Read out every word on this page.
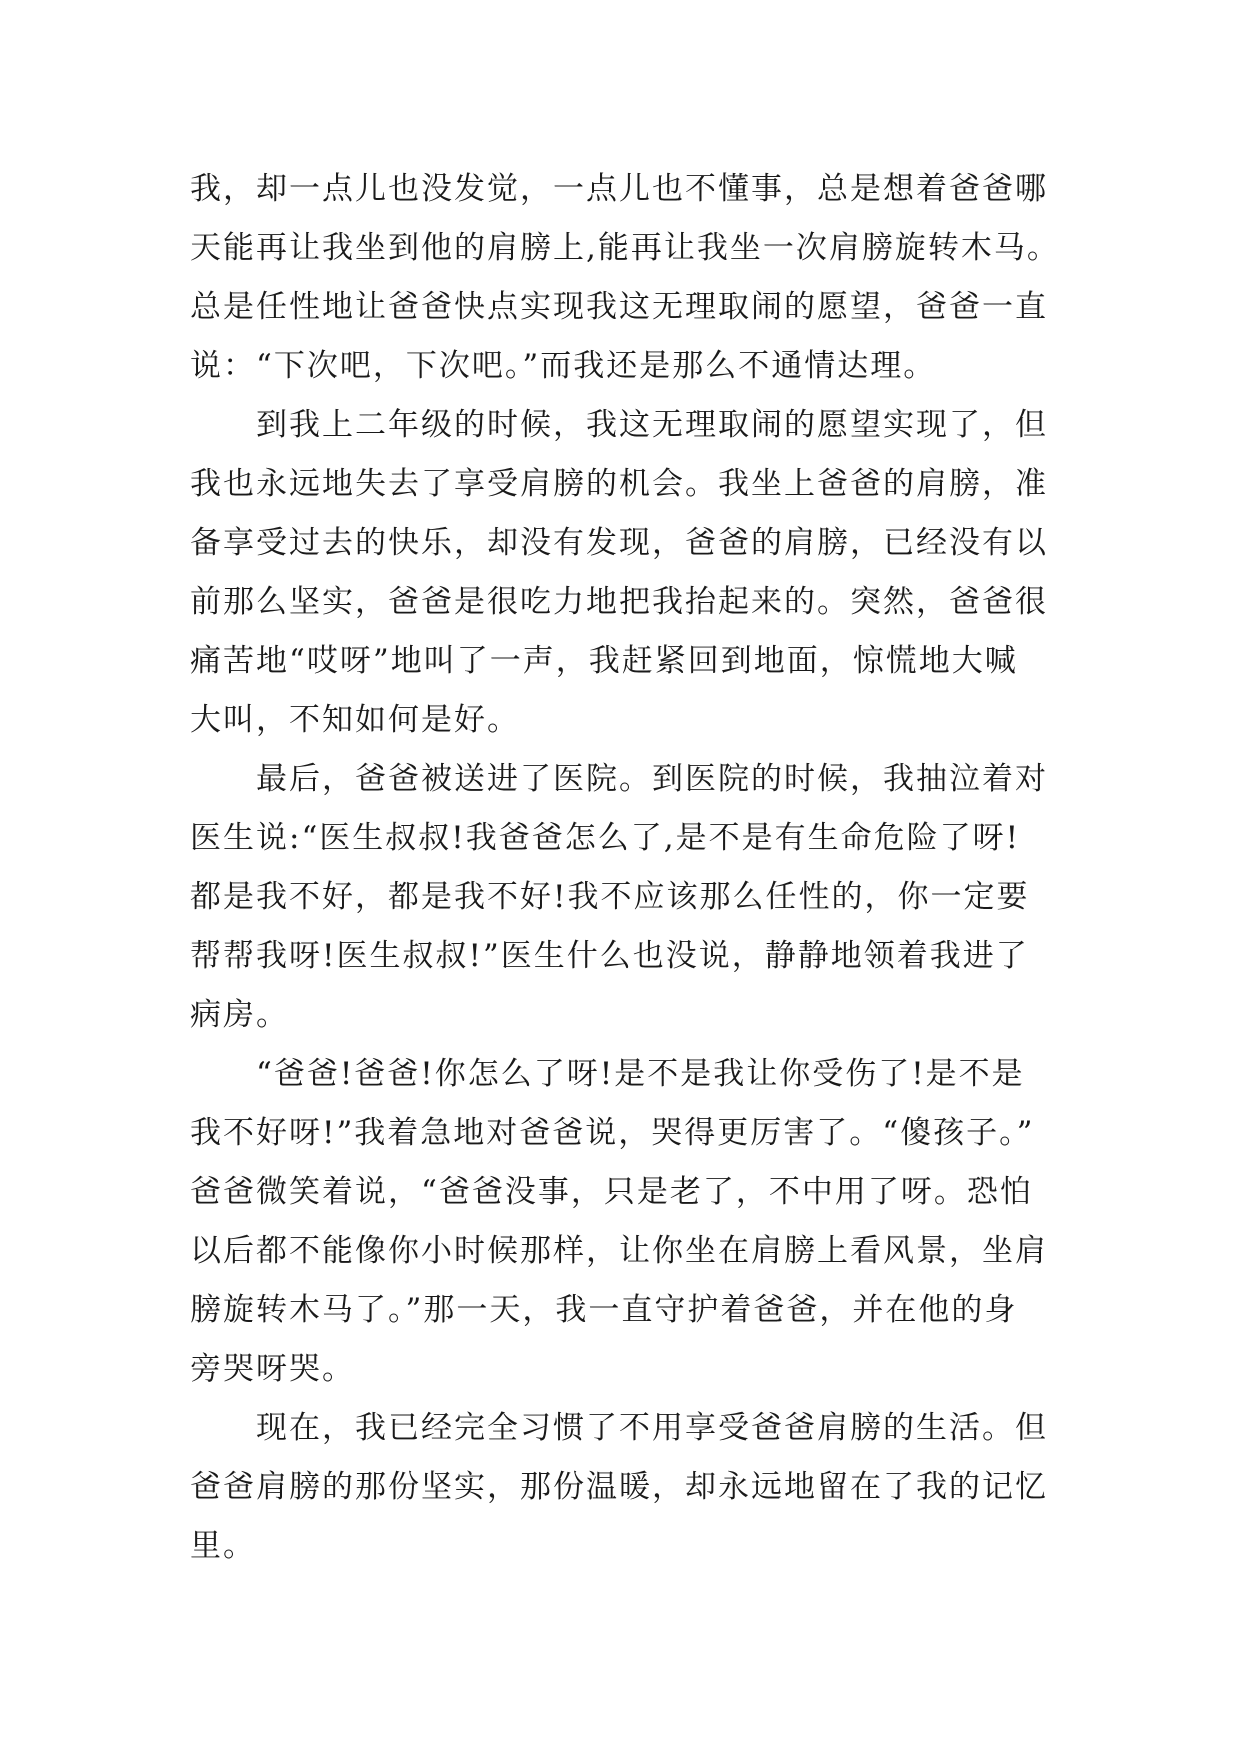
我，却一点儿也没发觉，一点儿也不懂事，总是想着爸爸哪
天能再让我坐到他的肩膀上,能再让我坐一次肩膀旋转木马。
总是任性地让爸爸快点实现我这无理取闹的愿望，爸爸一直
说：“下次吧，下次吧。”而我还是那么不通情达理。
到我上二年级的时候，我这无理取闹的愿望实现了，但
我也永远地失去了享受肩膀的机会。我坐上爸爸的肩膀，准
备享受过去的快乐，却没有发现，爸爸的肩膀，已经没有以
前那么坚实，爸爸是很吃力地把我抬起来的。突然，爸爸很
痛苦地“哎呀”地叫了一声，我赶紧回到地面，惊慌地大喊
大叫，不知如何是好。
最后，爸爸被送进了医院。到医院的时候，我抽泣着对
医生说:“医生叔叔!我爸爸怎么了,是不是有生命危险了呀!
都是我不好，都是我不好!我不应该那么任性的，你一定要
帮帮我呀!医生叔叔!”医生什么也没说，静静地领着我进了
病房。
“爸爸!爸爸!你怎么了呀!是不是我让你受伤了!是不是
我不好呀!”我着急地对爸爸说，哭得更厉害了。“傻孩子。”
爸爸微笑着说，“爸爸没事，只是老了，不中用了呀。恐怕
以后都不能像你小时候那样，让你坐在肩膀上看风景，坐肩
膀旋转木马了。”那一天，我一直守护着爸爸，并在他的身
旁哭呀哭。
现在，我已经完全习惯了不用享受爸爸肩膀的生活。但
爸爸肩膀的那份坚实，那份温暖，却永远地留在了我的记忆
里。
